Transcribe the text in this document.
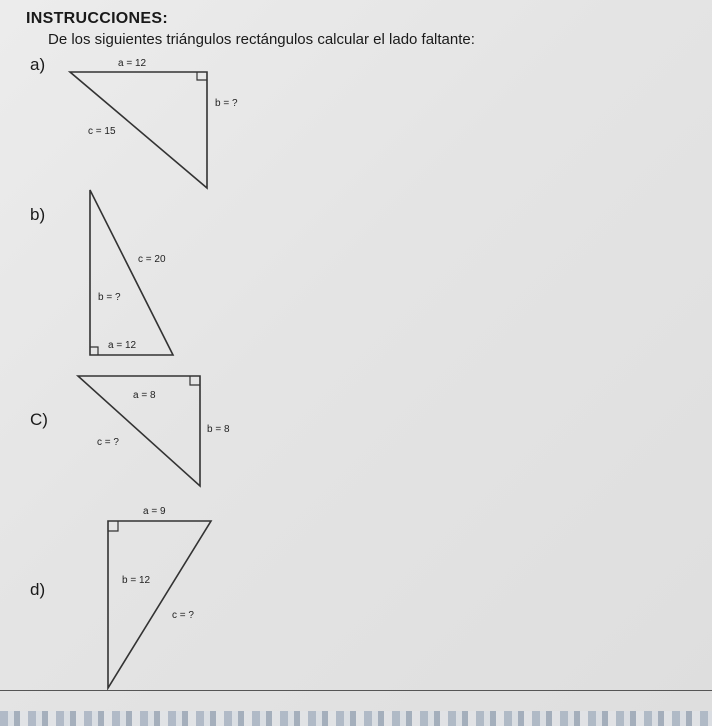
INSTRUCCIONES:
De los siguientes triángulos rectángulos calcular el lado faltante:
a)
b)
C)
d)
a = 12
b = ?
c = 15
c = 20
b = ?
a = 12
a = 8
b = 8
c = ?
a = 9
b = 12
c = ?
